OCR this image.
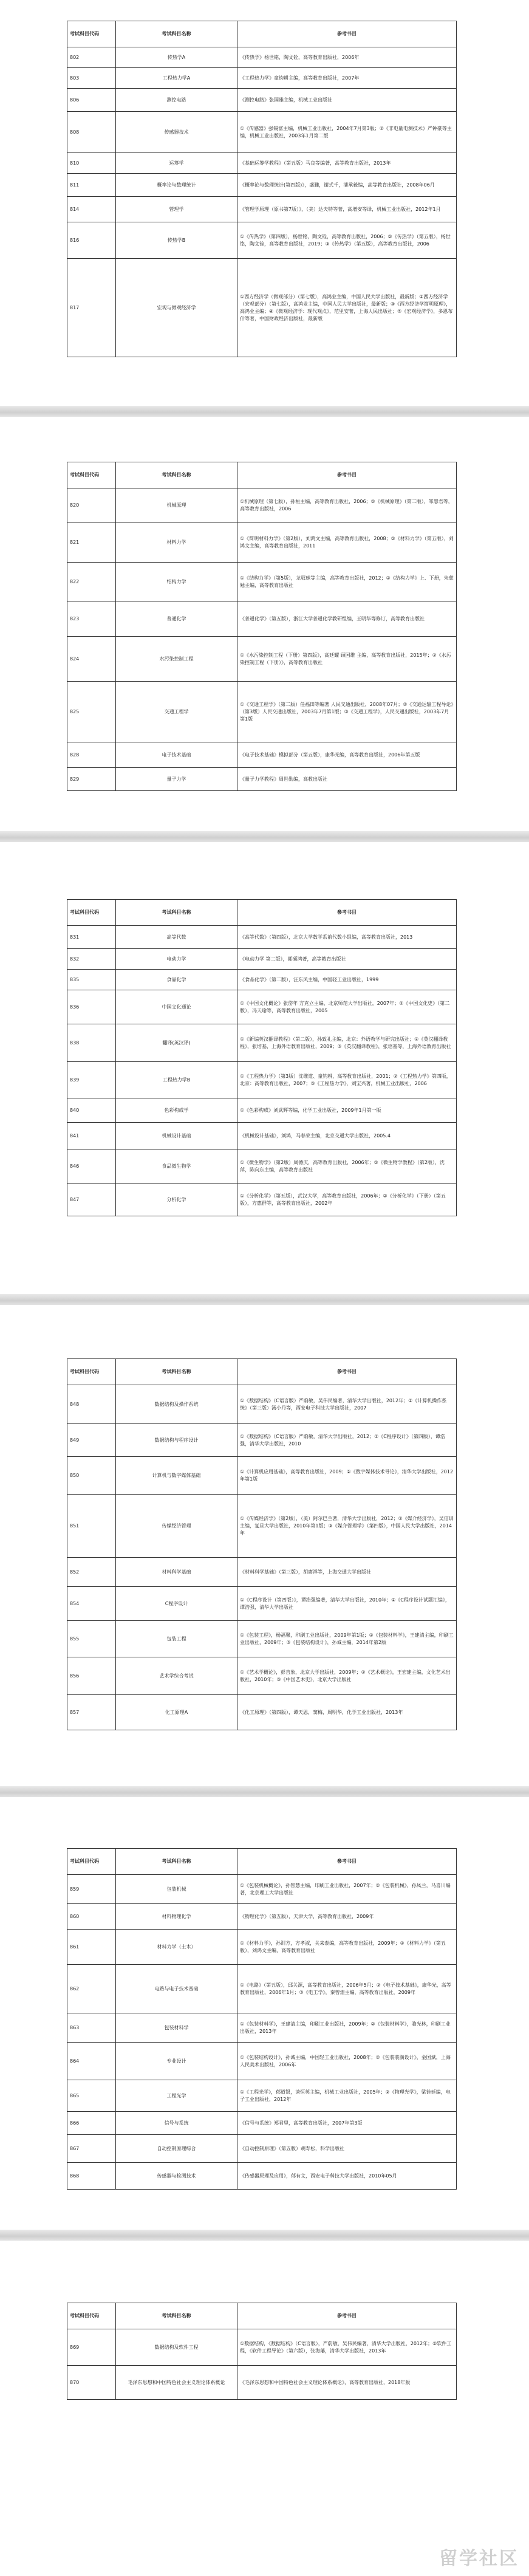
考试科目代码	考试科目名称	参考书目
802	传热学A	《传热学》杨世铭，陶文铨，高等教育出版社，2006年
803	工程热力学A	《工程热力学》童钧耕主编，高等教育出版社，2007年
806	测控电路	《测控电路》张国雄主编，机械工业出版社
808	传感器技术	①《传感器》强锡富主编，机械工业出版社，2004年7月第3版；②《非电量电测技术》严钟豪等主编，机械工业出版社，2003年1月第二版
810	运筹学	《基础运筹学教程》（第五版）马良等编著，高等教育出版社，2013年
811	概率论与数理统计	《概率论与数理统计(第四版)》，盛骤，谢式千，潘承毅编，高等教育出版社，2008年06月
814	管理学	《管理学原理（原书第7版）》，（美）达夫特等著，高增安等译，机械工业出版社，2012年1月
816	传热学B	①《传热学》（第四版），杨世铭，陶文铨，高等教育出版社，2006；②《传热学》（第五版），杨世铭，陶文铨，高等教育出版社，2019；③《传热学》（第五版），高等教育出版社，2006
817	宏观与微观经济学	①西方经济学（微观部分）（第七版），高鸿业主编，中国人民大学出版社，最新版；②西方经济学（宏观部分）（第七版），高鸿业主编，中国人民大学出版社，最新版；③《西方经济学简明原理》，高鸿业主编；④《微观经济学：现代观点》，范里安著，上海人民出版社；⑤《宏观经济学》，多恩布什等著，中国财政经济出版社，最新版
考试科目代码	考试科目名称	参考书目
820	机械原理	①机械原理（第七版），孙桓主编，高等教育出版社，2006；②《机械原理》（第二版），邹慧君等，高等教育出版社，2006
821	材料力学	①《简明材料力学》（第2版），刘鸿文主编，高等教育出版社，2008；②《材料力学》（第五版），刘鸿文主编，高等教育出版社，2011
822	结构力学	①《结构力学》（第5版），龙驭球等主编，高等教育出版社，2012；②《结构力学》上、下册，朱慈勉主编，高等教育出版社
823	普通化学	《普通化学》（第五版），浙江大学普通化学教研组编，王明华等修订，高等教育出版社
824	水污染控制工程	①《水污染控制工程（下册）第四版》，高廷耀 顾国维 主编，高等教育出版社，2015年；②《水污染控制工程（下册）》，高等教育出版社
825	交通工程学	①《交通工程学》（第二版）任福田等编著 人民交通出版社，2008年07月；②《交通运输工程导论》（第3版）人民交通出版社，2003年7月第1版；③《交通工程学》，人民交通出版社，2003年7月第1版
828	电子技术基础	《电子技术基础》模拟部分（第五版），康华光编，高等教育出版社，2006年第五版
829	量子力学	《量子力学教程》周世勋编，高教出版社
考试科目代码	考试科目名称	参考书目
831	高等代数	《高等代数》（第四版），北京大学数学系前代数小组编，高等教育出版社，2013
832	电动力学	《电动力学 第二版》，郭硕鸿著，高等教育出版社
835	食品化学	《食品化学》（第二版），汪东风主编，中国轻工业出版社，1999
836	中国文化通论	①《中国文化概论》张岱年 方克立主编，北京师范大学出版社，2007年；②《中国文化史》（第二版），冯天瑜等，高等教育出版社，2005
838	翻译(英汉译)	①《新编英汉翻译教程》（第二版），孙致礼主编，北京：外语教学与研究出版社；②《英汉翻译教程》，张培基，上海外语教育出版社，2009；③《英汉翻译教程》，张培基等，上海外语教育出版社
839	工程热力学B	①《工程热力学》（第3版）沈维道、童钧耕，高等教育出版社，2001；②《工程热力学》第四版，北京：高等教育出版社，2007；③《工程热力学》，刘宝兴著，机械工业出版社，2006
840	色彩构成学	①《色彩构成》刘武辉等编，化学工业出版社，2009年1月第一版
841	机械设计基础	《机械设计基础》，刘鸿，马春荣主编，北京交通大学出版社，2005.4
846	食品微生物学	①《微生物学》（第2版）周德庆，高等教育出版社，2006年；②《微生物学教程》（第2版），沈萍，陈向东主编，高等教育出版社
847	分析化学	①《分析化学》（第五版），武汉大学，高等教育出版社，2006年；②《分析化学》（下册）（第五版），方惠群等，高等教育出版社，2002年
考试科目代码	考试科目名称	参考书目
848	数据结构及操作系统	①《数据结构》（C语言版）严蔚敏，吴伟民编著，清华大学出版社，2012年；②《计算机操作系统》（第三版）汤小丹等，西安电子科技大学出版社，2007
849	数据结构与程序设计	①《数据结构》（C语言版）严蔚敏，清华大学出版社，2012；②《C程序设计》（第四版），谭浩强，清华大学出版社，2010
850	计算机与数字媒体基础	①《计算机应用基础》，高等教育出版社，2009；②《数字媒体技术导论》，清华大学出版社，2012年第1版
851	传媒经济管理	①《传媒经济学》（第2版），（美）阿尔巴兰著，清华大学出版社，2012；②《媒介经济学》，吴信训主编，复旦大学出版社，2010年第1版；③《媒介管理学》（第四版），中国人民大学出版社，2014年
852	材料科学基础	《材料科学基础》（第三版），胡赓祥等，上海交通大学出版社
854	C程序设计	①《C程序设计（第四版）》，谭浩强编著，清华大学出版社，2010年；②《C程序设计试题汇编》，谭浩强，清华大学出版社
855	包装工程	①《包装工程》，杨福馨，印刷工业出版社，2009年第1版；②《包装材料学》，王建清主编，印刷工业出版社，2009年；③《包装结构设计》，孙诚主编，2014年第2版
856	艺术学综合考试	①《艺术学概论》，彭吉象，北京大学出版社，2009年；②《艺术概论》，王宏建主编，文化艺术出版社，2010年；③《中国艺术史》，北京大学出版社
857	化工原理A	《化工原理》（第四版），谭天恩，窦梅，周明华，化学工业出版社，2013年
考试科目代码	考试科目名称	参考书目
859	包装机械	①《包装机械概论》，孙智慧主编，印刷工业出版社，2007年；②《包装机械》，孙凤兰，马喜川编著，北京理工大学出版社
860	材料物理化学	《物理化学》（第五版），天津大学，高等教育出版社，2009年
861	材料力学（土木）	①《材料力学》，孙训方，方孝淑，关来泰编，高等教育出版社，2009年；②《材料力学》（第五版），刘鸿文主编，高等教育出版社
862	电路与电子技术基础	①《电路》（第五版），邱关源，高等教育出版社，2006年5月；②《电子技术基础》，康华光，高等教育出版社，2006年1月；③《电工学》，秦曾煌主编，高等教育出版社，2009年
863	包装材料学	①《包装材料学》，王建清主编，印刷工业出版社，2009年；②《包装材料学》，骆光林，印刷工业出版社，2013年
864	专业设计	①《包装结构设计》，孙诚主编，中国轻工业出版社，2008年；②《包装装潢设计》，金国斌，上海人民美术出版社，2006年
865	工程光学	①《工程光学》，郁道银，谈恒英主编，机械工业出版社，2005年；②《物理光学》，梁铨廷编，电子工业出版社，2012年
866	信号与系统	《信号与系统》郑君里，高等教育出版社，2007年第3版
867	自动控制原理综合	《自动控制原理》（第五版）胡寿松，科学出版社
868	传感器与检测技术	《传感器原理及应用》，郁有文，西安电子科技大学出版社，2010年05月
考试科目代码	考试科目名称	参考书目
869	数据结构及软件工程	①数据结构，《数据结构》（C语言版），严蔚敏，吴伟民编著，清华大学出版社，2012年；②软件工程，《软件工程导论》（第六版），张海藩，清华大学出版社，2013年
870	毛泽东思想和中国特色社会主义理论体系概论	《毛泽东思想和中国特色社会主义理论体系概论》，高等教育出版社，2018年版
留学社区
